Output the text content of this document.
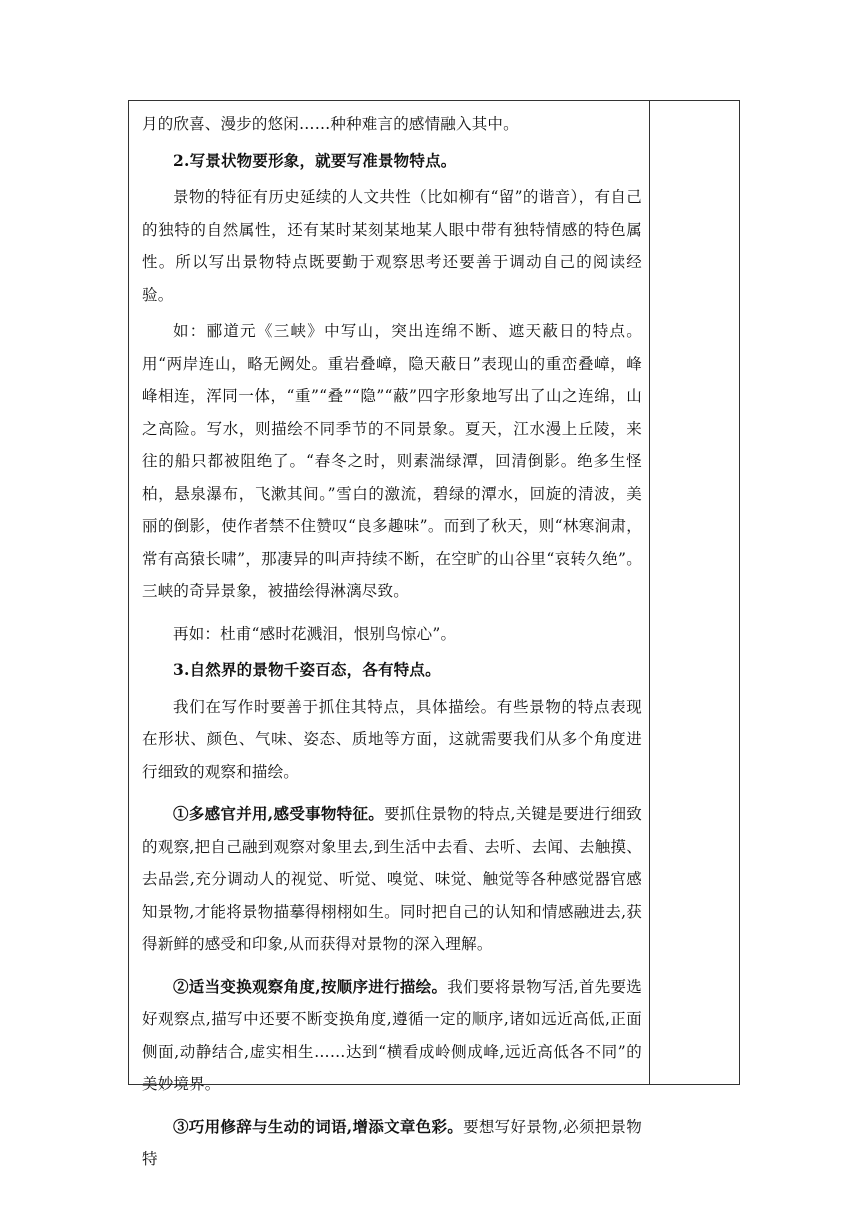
月的欣喜、漫步的悠闲……种种难言的感情融入其中。

2.写景状物要形象，就要写准景物特点。

景物的特征有历史延续的人文共性（比如柳有“留”的谐音），有自己的独特的自然属性，还有某时某刻某地某人眼中带有独特情感的特色属性。所以写出景物特点既要勤于观察思考还要善于调动自己的阅读经验。

如：郦道元《三峡》中写山，突出连绵不断、遮天蔽日的特点。用“两岸连山，略无阙处。重岩叠嶂，隐天蔽日”表现山的重峦叠嶂，峰峰相连，浑同一体，“重”“叠”“隐”“蔽”四字形象地写出了山之连绵，山之高险。写水，则描绘不同季节的不同景象。夏天，江水漫上丘陵，来往的船只都被阻绝了。“春冬之时，则素湍绿潭，回清倒影。绝多生怪柏，悬泉瀑布，飞漱其间。”雪白的激流，碧绿的潭水，回旋的清波，美丽的倒影，使作者禁不住赞叹“良多趣味”。而到了秋天，则“林寒涧肃，常有高猿长啸”，那凄异的叫声持续不断，在空旷的山谷里“哀转久绝”。三峡的奇异景象，被描绘得淋漓尽致。

再如：杜甫“感时花溅泪，恨别鸟惊心”。

3.自然界的景物千姿百态，各有特点。

我们在写作时要善于抓住其特点，具体描绘。有些景物的特点表现在形状、颜色、气味、姿态、质地等方面，这就需要我们从多个角度进行细致的观察和描绘。

①多感官并用,感受事物特征。要抓住景物的特点,关键是要进行细致的观察,把自己融到观察对象里去,到生活中去看、去听、去闻、去触摸、去品尝,充分调动人的视觉、听觉、嗅觉、味觉、触觉等各种感觉器官感知景物,才能将景物描摹得栩栩如生。同时把自己的认知和情感融进去,获得新鲜的感受和印象,从而获得对景物的深入理解。

②适当变换观察角度,按顺序进行描绘。我们要将景物写活,首先要选好观察点,描写中还要不断变换角度,遵循一定的顺序,诸如远近高低,正面侧面,动静结合,虚实相生……达到“横看成岭侧成峰,远近高低各不同”的美妙境界。

③巧用修辞与生动的词语,增添文章色彩。要想写好景物,必须把景物特
